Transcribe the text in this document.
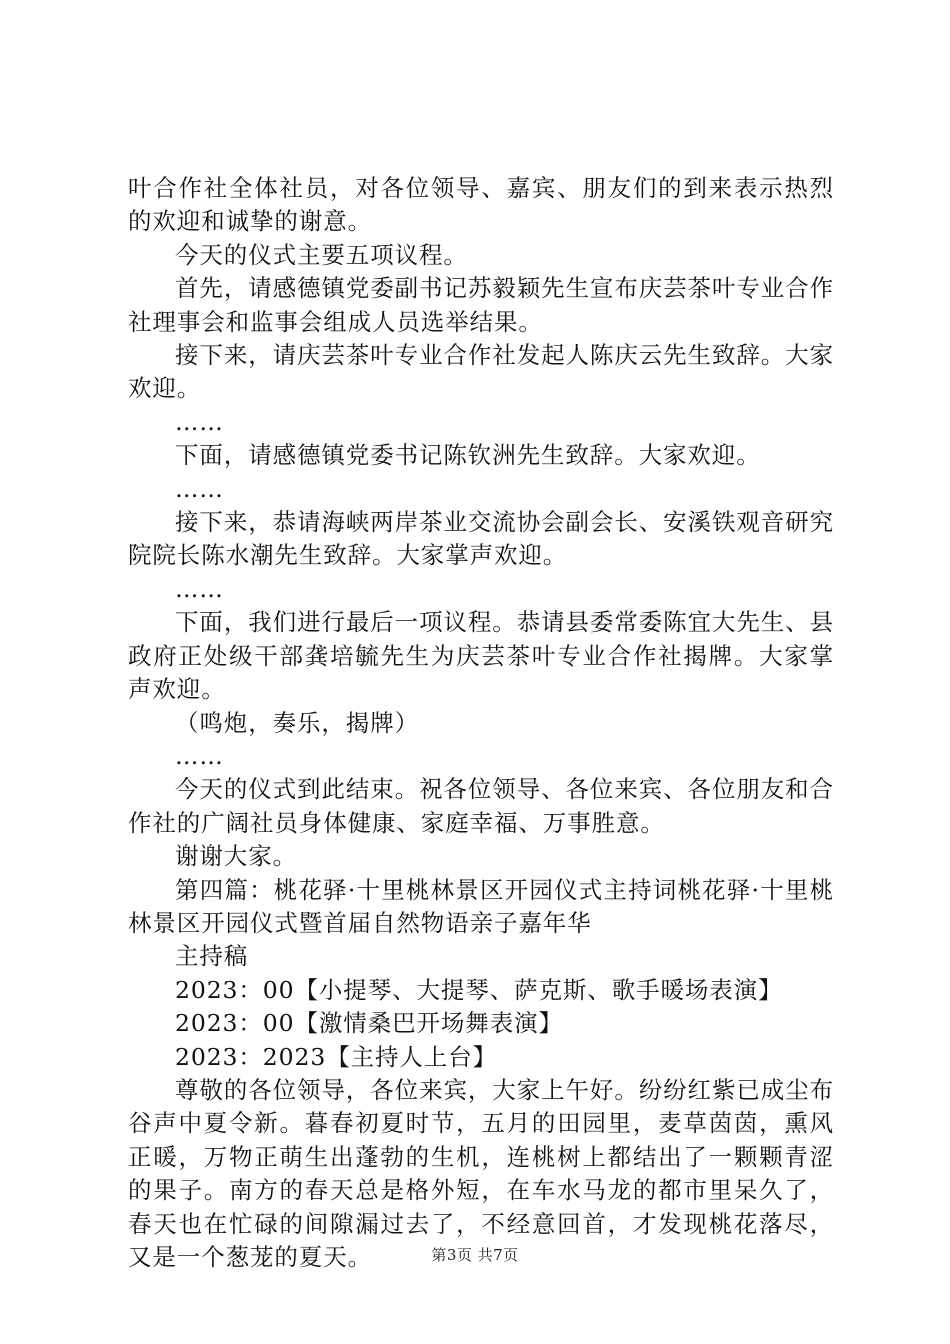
叶合作社全体社员，对各位领导、嘉宾、朋友们的到来表示热烈的欢迎和诚挚的谢意。

今天的仪式主要五项议程。

首先，请感德镇党委副书记苏毅颖先生宣布庆芸茶叶专业合作社理事会和监事会组成人员选举结果。

接下来，请庆芸茶叶专业合作社发起人陈庆云先生致辞。大家欢迎。

……

下面，请感德镇党委书记陈钦洲先生致辞。大家欢迎。

……

接下来，恭请海峡两岸茶业交流协会副会长、安溪铁观音研究院院长陈水潮先生致辞。大家掌声欢迎。

……

下面，我们进行最后一项议程。恭请县委常委陈宜大先生、县政府正处级干部龚培毓先生为庆芸茶叶专业合作社揭牌。大家掌声欢迎。

（鸣炮，奏乐，揭牌）

……

今天的仪式到此结束。祝各位领导、各位来宾、各位朋友和合作社的广阔社员身体健康、家庭幸福、万事胜意。

谢谢大家。

第四篇：桃花驿·十里桃林景区开园仪式主持词桃花驿·十里桃林景区开园仪式暨首届自然物语亲子嘉年华

主持稿

2023：00【小提琴、大提琴、萨克斯、歌手暖场表演】

2023：00【激情桑巴开场舞表演】

2023：2023【主持人上台】

尊敬的各位领导，各位来宾，大家上午好。纷纷红紫已成尘布谷声中夏令新。暮春初夏时节，五月的田园里，麦草茵茵，熏风正暖，万物正萌生出蓬勃的生机，连桃树上都结出了一颗颗青涩的果子。南方的春天总是格外短，在车水马龙的都市里呆久了，春天也在忙碌的间隙漏过去了，不经意回首，才发现桃花落尽，又是一个葱茏的夏天。	第3页 共7页
